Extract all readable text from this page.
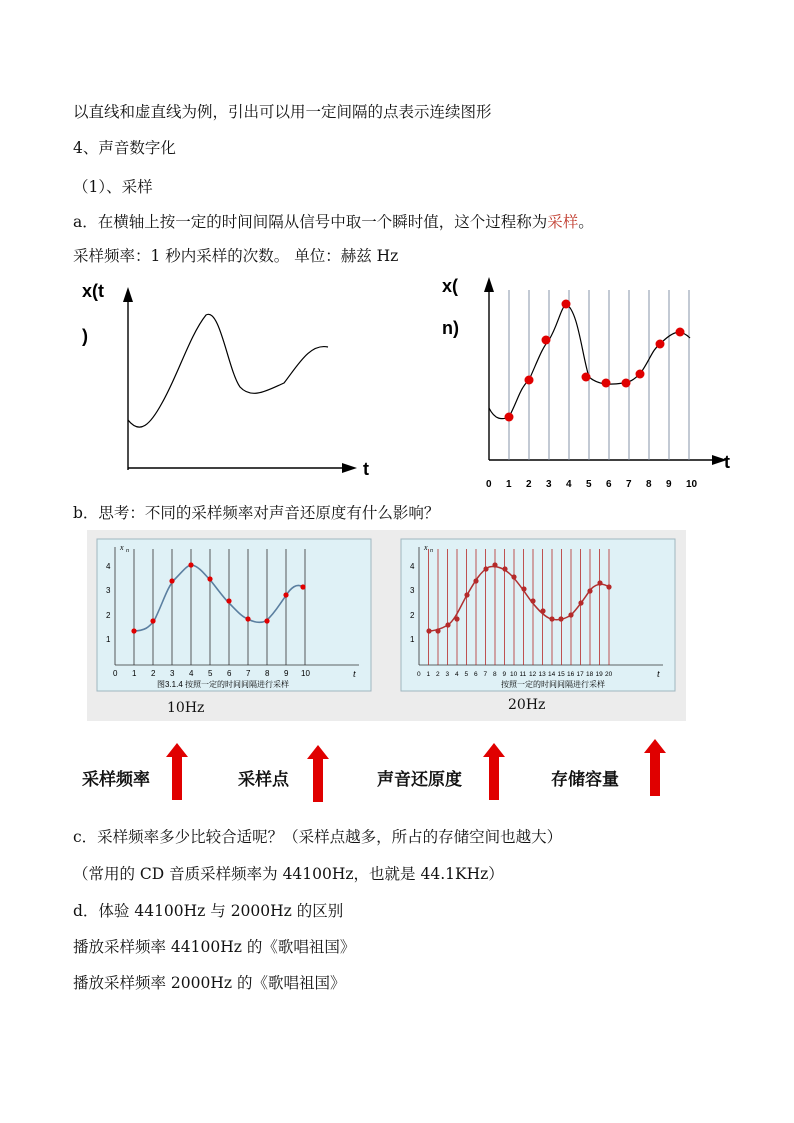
以直线和虚直线为例，引出可以用一定间隔的点表示连续图形
4、声音数字化
（1）、采样
a．在横轴上按一定的时间间隔从信号中取一个瞬时值，这个过程称为采样。
采样频率：1 秒内采样的次数。 单位：赫兹 Hz
x(t
)
t
0 1 2 3 4 5 6 7 8 9 10
x(
n)
t
b．思考：不同的采样频率对声音还原度有什么影响？
1
2
3
4
0 1 2 3 4 5 6 7 8 9 10
x n
t
图3.1.4 按照一定的时间间隔进行采样
1
2
3
4
0 1 2 3 4 5 6 7 8 9 10 11 12 13 14 15 16 17 18 19 20
x n
t
按照一定的时间间隔进行采样
10Hz	20Hz
采样频率	采样点	声音还原度	存储容量
c．采样频率多少比较合适呢？（采样点越多，所占的存储空间也越大）
（常用的 CD 音质采样频率为 44100Hz，也就是 44.1KHz）
d．体验 44100Hz 与 2000Hz 的区别
播放采样频率 44100Hz 的《歌唱祖国》
播放采样频率 2000Hz 的《歌唱祖国》
